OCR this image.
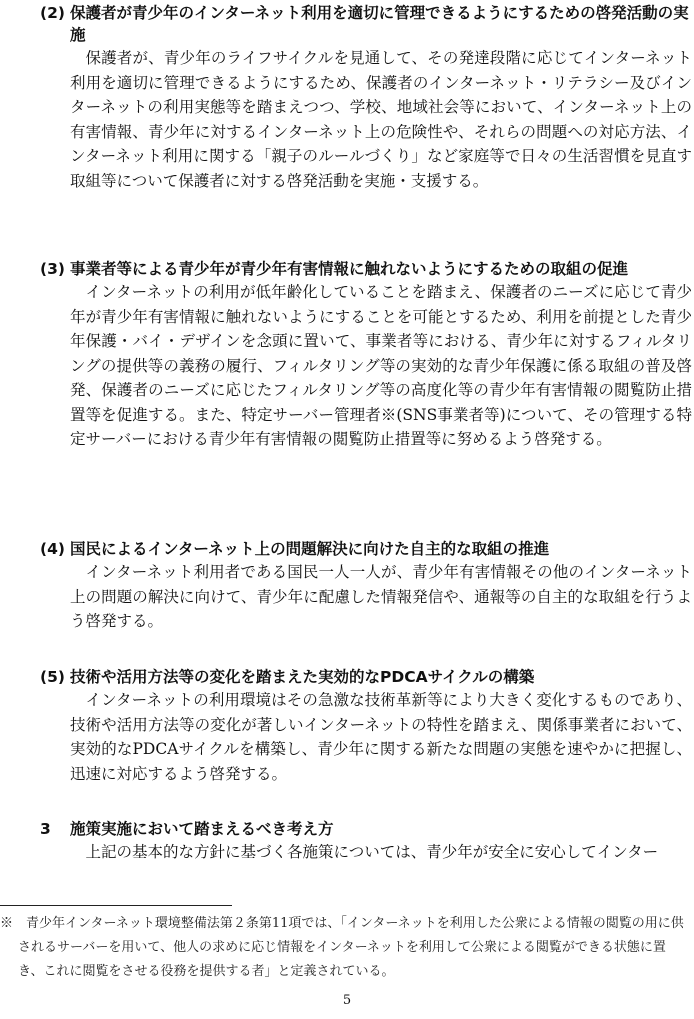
(2) 保護者が青少年のインターネット利用を適切に管理できるようにするための啓発活動の実施
保護者が、青少年のライフサイクルを見通して、その発達段階に応じてインターネット利用を適切に管理できるようにするため、保護者のインターネット・リテラシー及びインターネットの利用実態等を踏まえつつ、学校、地域社会等において、インターネット上の有害情報、青少年に対するインターネット上の危険性や、それらの問題への対応方法、インターネット利用に関する「親子のルールづくり」など家庭等で日々の生活習慣を見直す取組等について保護者に対する啓発活動を実施・支援する。
(3) 事業者等による青少年が青少年有害情報に触れないようにするための取組の促進
インターネットの利用が低年齢化していることを踏まえ、保護者のニーズに応じて青少年が青少年有害情報に触れないようにすることを可能とするため、利用を前提とした青少年保護・バイ・デザインを念頭に置いて、事業者等における、青少年に対するフィルタリングの提供等の義務の履行、フィルタリング等の実効的な青少年保護に係る取組の普及啓発、保護者のニーズに応じたフィルタリング等の高度化等の青少年有害情報の閲覧防止措置等を促進する。また、特定サーバー管理者※(SNS事業者等)について、その管理する特定サーバーにおける青少年有害情報の閲覧防止措置等に努めるよう啓発する。
(4) 国民によるインターネット上の問題解決に向けた自主的な取組の推進
インターネット利用者である国民一人一人が、青少年有害情報その他のインターネット上の問題の解決に向けて、青少年に配慮した情報発信や、通報等の自主的な取組を行うよう啓発する。
(5) 技術や活用方法等の変化を踏まえた実効的なPDCAサイクルの構築
インターネットの利用環境はその急激な技術革新等により大きく変化するものであり、技術や活用方法等の変化が著しいインターネットの特性を踏まえ、関係事業者において、実効的なPDCAサイクルを構築し、青少年に関する新たな問題の実態を速やかに把握し、迅速に対応するよう啓発する。
3	施策実施において踏まえるべき考え方
上記の基本的な方針に基づく各施策については、青少年が安全に安心してインター
※　青少年インターネット環境整備法第２条第11項では、「インターネットを利用した公衆による情報の閲覧の用に供されるサーバーを用いて、他人の求めに応じ情報をインターネットを利用して公衆による閲覧ができる状態に置き、これに閲覧をさせる役務を提供する者」と定義されている。
5
